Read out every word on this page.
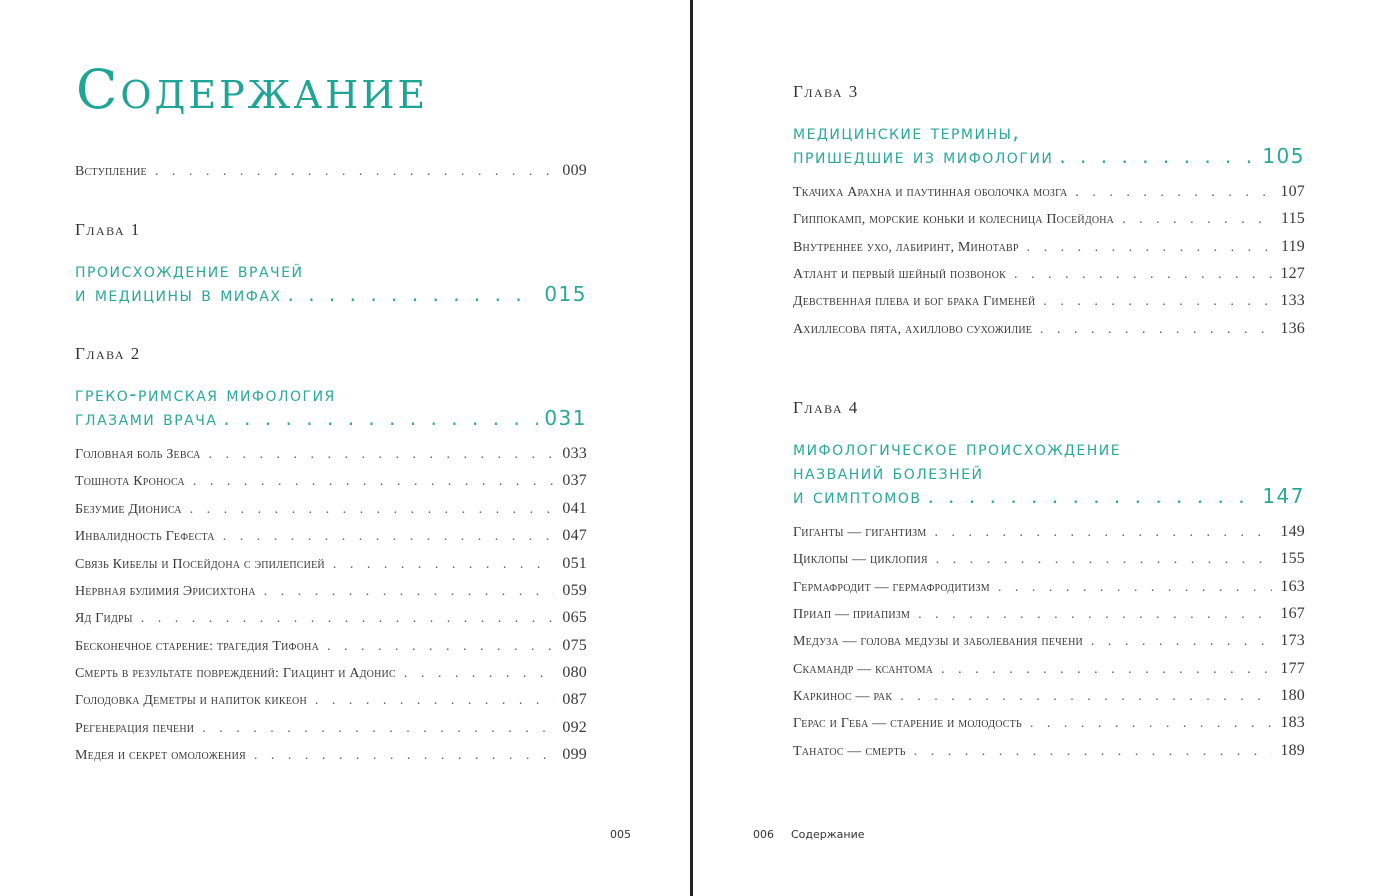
Содержание
Вступление . . .	009
Глава 1
происхождение врачей
и медицины в мифах . . .	015
Глава 2
греко-римская мифология
глазами врача . . .	031
Головная боль Зевса . . .	033
Тошнота Кроноса . . .	037
Безумие Диониса . . .	041
Инвалидность Гефеста . . .	047
Связь Кибелы и Посейдона с эпилепсией . . .	051
Нервная булимия Эрисихтона . . .	059
Яд Гидры . . .	065
Бесконечное старение: трагедия Тифона . . .	075
Смерть в результате повреждений: Гиацинт и Адонис . . .	080
Голодовка Деметры и напиток кикеон . . .	087
Регенерация печени . . .	092
Медея и секрет омоложения . . .	099
005
Глава 3
медицинские термины,
пришедшие из мифологии . . .	105
Ткачиха Арахна и паутинная оболочка мозга . . .	107
Гиппокамп, морские коньки и колесница Посейдона . . .	115
Внутреннее ухо, лабиринт, Минотавр . . .	119
Атлант и первый шейный позвонок . . .	127
Девственная плева и бог брака Гименей . . .	133
Ахиллесова пята, ахиллово сухожилие . . .	136
Глава 4
мифологическое происхождение
названий болезней
и симптомов . . .	147
Гиганты — гигантизм . . .	149
Циклопы — циклопия . . .	155
Гермафродит — гермафродитизм . . .	163
Приап — приапизм . . .	167
Медуза — голова медузы и заболевания печени . . .	173
Скамандр — ксантома . . .	177
Каркинос — рак . . .	180
Герас и Геба — старение и молодость . . .	183
Танатос — смерть . . .	189
006 Содержание
